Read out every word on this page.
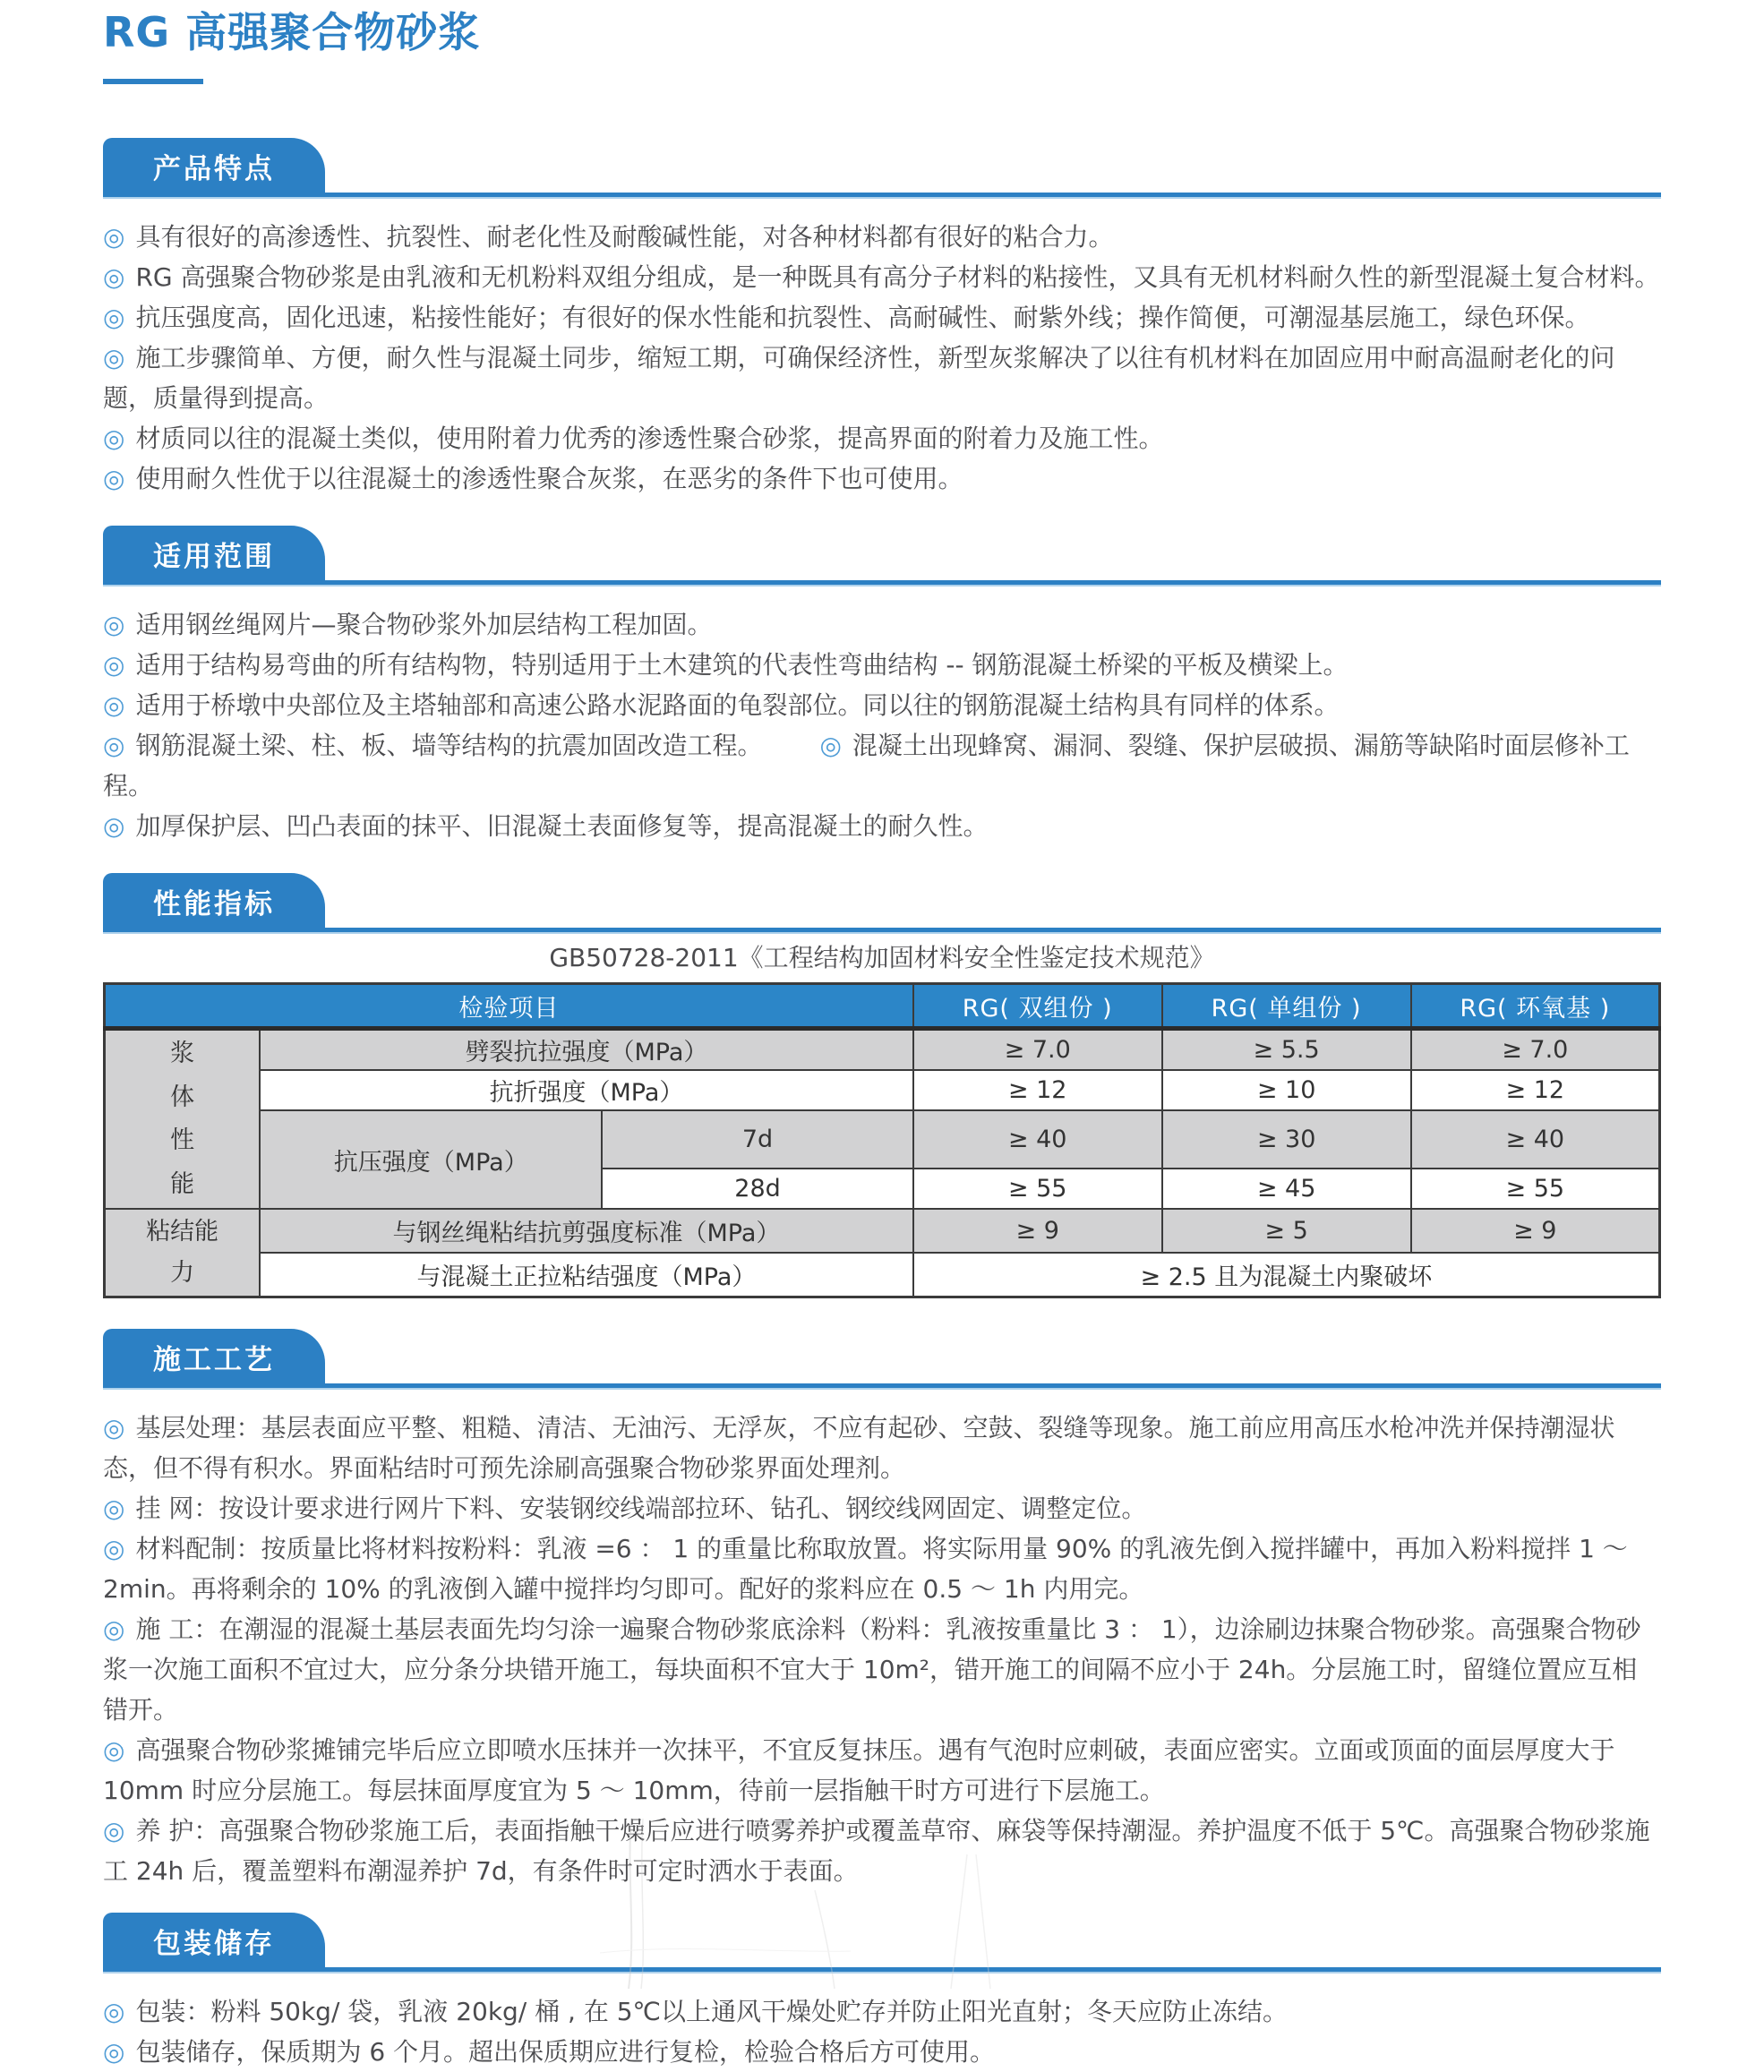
RG 高强聚合物砂浆
产品特点
◎ 具有很好的高渗透性、抗裂性、耐老化性及耐酸碱性能，对各种材料都有很好的粘合力。
◎ RG 高强聚合物砂浆是由乳液和无机粉料双组分组成，是一种既具有高分子材料的粘接性，又具有无机材料耐久性的新型混凝土复合材料。
◎ 抗压强度高，固化迅速，粘接性能好；有很好的保水性能和抗裂性、高耐碱性、耐紫外线；操作简便，可潮湿基层施工，绿色环保。
◎ 施工步骤简单、方便，耐久性与混凝土同步，缩短工期，可确保经济性，新型灰浆解决了以往有机材料在加固应用中耐高温耐老化的问题，质量得到提高。
◎ 材质同以往的混凝土类似，使用附着力优秀的渗透性聚合砂浆，提高界面的附着力及施工性。
◎ 使用耐久性优于以往混凝土的渗透性聚合灰浆，在恶劣的条件下也可使用。
适用范围
◎ 适用钢丝绳网片—聚合物砂浆外加层结构工程加固。
◎ 适用于结构易弯曲的所有结构物，特别适用于土木建筑的代表性弯曲结构 -- 钢筋混凝土桥梁的平板及横梁上。
◎ 适用于桥墩中央部位及主塔轴部和高速公路水泥路面的龟裂部位。同以往的钢筋混凝土结构具有同样的体系。
◎ 钢筋混凝土梁、柱、板、墙等结构的抗震加固改造工程。 ◎ 混凝土出现蜂窝、漏洞、裂缝、保护层破损、漏筋等缺陷时面层修补工程。
◎ 加厚保护层、凹凸表面的抹平、旧混凝土表面修复等，提高混凝土的耐久性。
性能指标
GB50728-2011《工程结构加固材料安全性鉴定技术规范》
检验项目			RG( 双组份 )	RG( 单组份 )	RG( 环氧基 )
浆体性能	劈裂抗拉强度（MPa）		≥ 7.0	≥ 5.5	≥ 7.0
	抗折强度（MPa）		≥ 12	≥ 10	≥ 12
	抗压强度（MPa）	7d	≥ 40	≥ 30	≥ 40
		28d	≥ 55	≥ 45	≥ 55
粘结能力	与钢丝绳粘结抗剪强度标准（MPa）		≥ 9	≥ 5	≥ 9
	与混凝土正拉粘结强度（MPa）		≥ 2.5 且为混凝土内聚破坏		
施工工艺
◎ 基层处理：基层表面应平整、粗糙、清洁、无油污、无浮灰，不应有起砂、空鼓、裂缝等现象。施工前应用高压水枪冲洗并保持潮湿状态，但不得有积水。界面粘结时可预先涂刷高强聚合物砂浆界面处理剂。
◎ 挂 网：按设计要求进行网片下料、安装钢绞线端部拉环、钻孔、钢绞线网固定、调整定位。
◎ 材料配制：按质量比将材料按粉料：乳液 =6 ： 1 的重量比称取放置。将实际用量 90% 的乳液先倒入搅拌罐中，再加入粉料搅拌 1 ～ 2min。再将剩余的 10% 的乳液倒入罐中搅拌均匀即可。配好的浆料应在 0.5 ～ 1h 内用完。
◎ 施 工：在潮湿的混凝土基层表面先均匀涂一遍聚合物砂浆底涂料（粉料：乳液按重量比 3 ： 1），边涂刷边抹聚合物砂浆。高强聚合物砂浆一次施工面积不宜过大，应分条分块错开施工，每块面积不宜大于 10m²，错开施工的间隔不应小于 24h。分层施工时，留缝位置应互相错开。
◎ 高强聚合物砂浆摊铺完毕后应立即喷水压抹并一次抹平，不宜反复抹压。遇有气泡时应刺破，表面应密实。立面或顶面的面层厚度大于 10mm 时应分层施工。每层抹面厚度宜为 5 ～ 10mm，待前一层指触干时方可进行下层施工。
◎ 养 护：高强聚合物砂浆施工后，表面指触干燥后应进行喷雾养护或覆盖草帘、麻袋等保持潮湿。养护温度不低于 5℃。高强聚合物砂浆施工 24h 后，覆盖塑料布潮湿养护 7d，有条件时可定时洒水于表面。
包装储存
◎ 包装：粉料 50kg/ 袋，乳液 20kg/ 桶 , 在 5℃以上通风干燥处贮存并防止阳光直射；冬天应防止冻结。
◎ 包装储存，保质期为 6 个月。超出保质期应进行复检，检验合格后方可使用。
